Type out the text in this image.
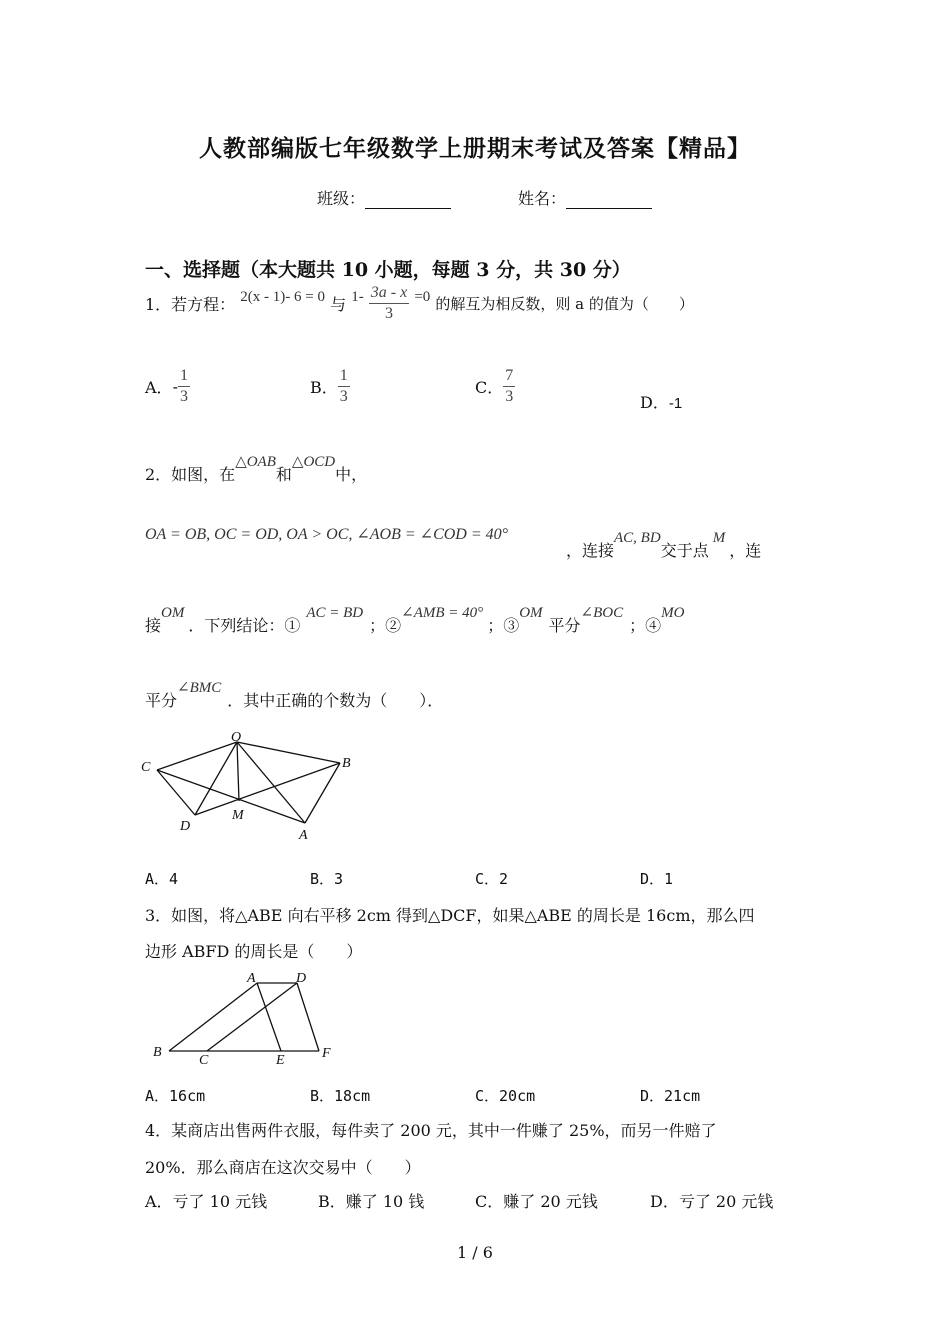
人教部编版七年级数学上册期末考试及答案【精品】
班级：	姓名：
一、选择题（本大题共 10 小题，每题 3 分，共 30 分）
1．若方程： 2(x - 1)- 6 = 0 与 $1- \frac{3a - x}{3} =0$ 的解互为相反数，则 a 的值为（　　）
A．- $\frac{1}{3}$	B． $\frac{1}{3}$	C． $\frac{7}{3}$	D．-1
2．如图，在△OAB和△OCD中，
OA = OB, OC = OD, OA > OC, ∠AOB = ∠COD = 40°
，连接AC, BD交于点M，连
接OM．下列结论：①AC = BD；②∠AMB = 40°；③OM平分∠BOC；④MO
平分∠BMC．其中正确的个数为（　　）．
O
B
C
D
M
A
A．4	B．3	C．2	D．1
3．如图，将△ABE 向右平移 2cm 得到△DCF，如果△ABE 的周长是 16cm，那么四
边形 ABFD 的周长是（　　）
A	D
B
C	E	F
A．16cm	B．18cm	C．20cm	D．21cm
4．某商店出售两件衣服，每件卖了 200 元，其中一件赚了 25%，而另一件赔了
20%．那么商店在这次交易中（　　）
A．亏了 10 元钱	B．赚了 10 钱	C．赚了 20 元钱	D．亏了 20 元钱
1 / 6
